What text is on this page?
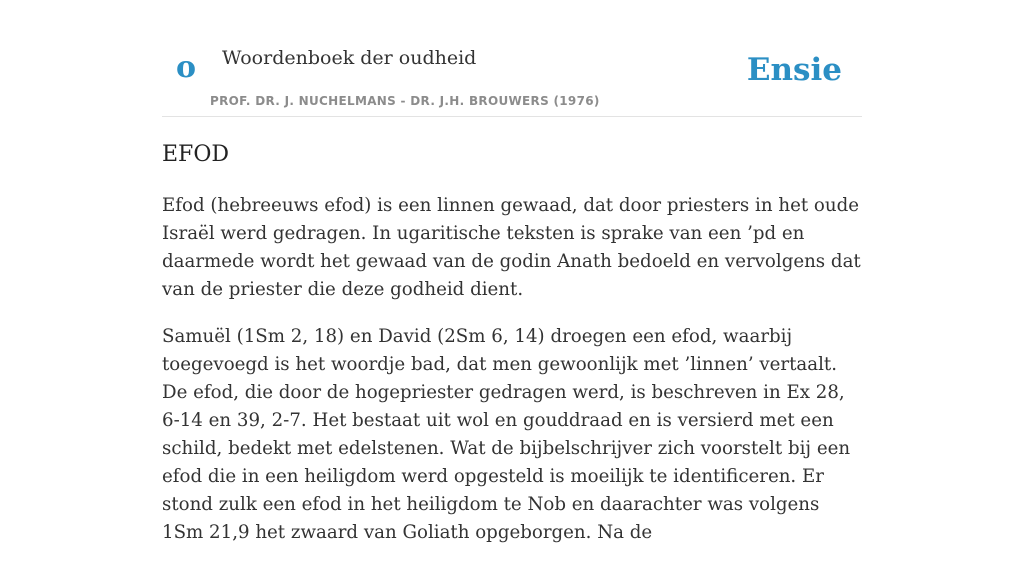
o Woordenboek der oudheid
PROF. DR. J. NUCHELMANS - DR. J.H. BROUWERS (1976)
Ensie
EFOD

Efod (hebreeuws efod) is een linnen gewaad, dat door priesters in het oude Israël werd gedragen. In ugaritische teksten is sprake van een ’pd en daarmede wordt het gewaad van de godin Anath bedoeld en vervolgens dat van de priester die deze godheid dient.

Samuël (1Sm 2, 18) en David (2Sm 6, 14) droegen een efod, waarbij toegevoegd is het woordje bad, dat men gewoonlijk met ’linnen’ vertaalt. De efod, die door de hogepriester gedragen werd, is beschreven in Ex 28, 6-14 en 39, 2-7. Het bestaat uit wol en gouddraad en is versierd met een schild, bedekt met edelstenen. Wat de bijbelschrijver zich voorstelt bij een efod die in een heiligdom werd opgesteld is moeilijk te identificeren. Er stond zulk een efod in het heiligdom te Nob en daarachter was volgens 1Sm 21,9 het zwaard van Goliath opgeborgen. Na de
